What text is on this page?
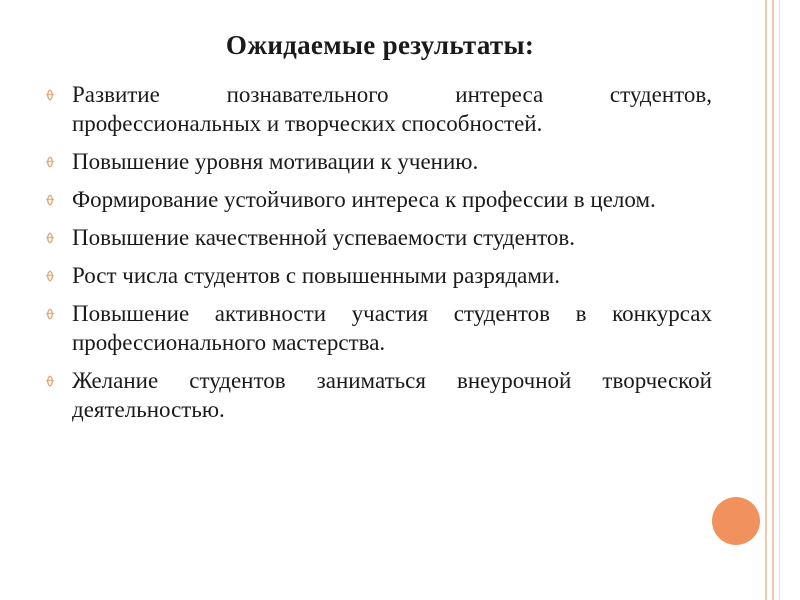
Ожидаемые результаты:
Развитие познавательного интереса студентов, профессиональных и творческих способностей.
Повышение уровня мотивации к учению.
Формирование устойчивого интереса к профессии в целом.
Повышение качественной успеваемости студентов.
Рост числа студентов с повышенными разрядами.
Повышение активности участия студентов в конкурсах профессионального мастерства.
Желание студентов заниматься внеурочной творческой деятельностью.
